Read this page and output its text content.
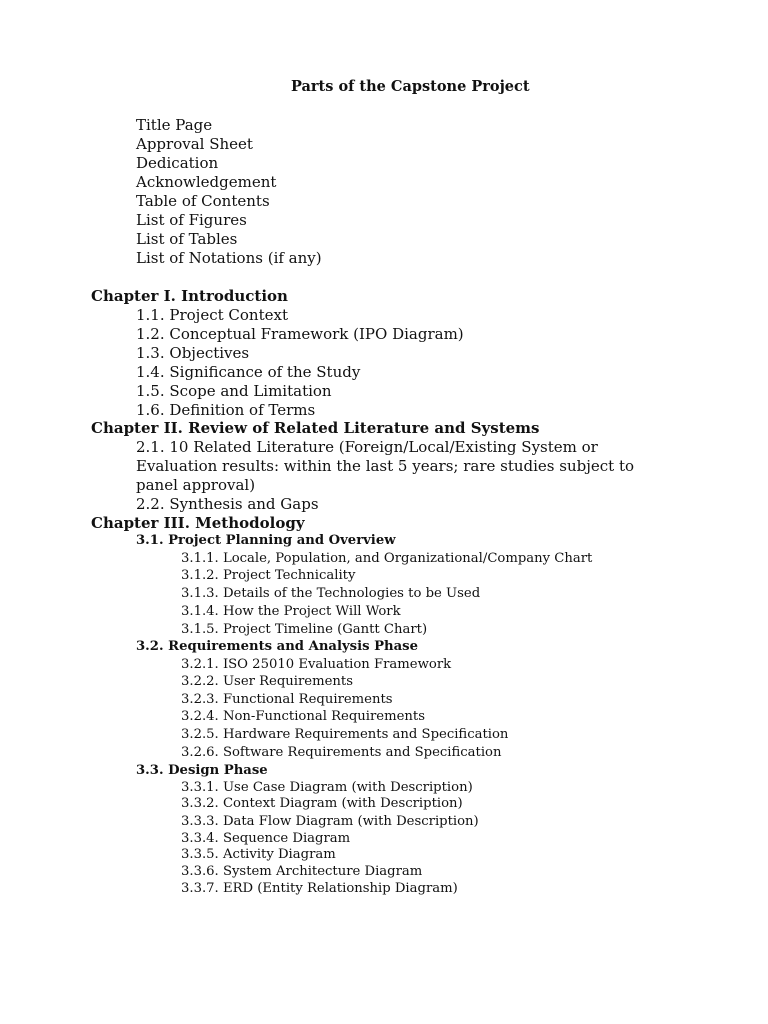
Parts of the Capstone Project
Title Page
Approval Sheet
Dedication
Acknowledgement
Table of Contents
List of Figures
List of Tables
List of Notations (if any)
Chapter I. Introduction
1.1. Project Context
1.2. Conceptual Framework (IPO Diagram)
1.3. Objectives
1.4. Significance of the Study
1.5. Scope and Limitation
1.6. Definition of Terms
Chapter II. Review of Related Literature and Systems
2.1. 10 Related Literature (Foreign/Local/Existing System or
Evaluation results: within the last 5 years; rare studies subject to
panel approval)
2.2. Synthesis and Gaps
Chapter III. Methodology
3.1. Project Planning and Overview
3.1.1. Locale, Population, and Organizational/Company Chart
3.1.2. Project Technicality
3.1.3. Details of the Technologies to be Used
3.1.4. How the Project Will Work
3.1.5. Project Timeline (Gantt Chart)
3.2. Requirements and Analysis Phase
3.2.1. ISO 25010 Evaluation Framework
3.2.2. User Requirements
3.2.3. Functional Requirements
3.2.4. Non-Functional Requirements
3.2.5. Hardware Requirements and Specification
3.2.6. Software Requirements and Specification
3.3. Design Phase
3.3.1. Use Case Diagram (with Description)
3.3.2. Context Diagram (with Description)
3.3.3. Data Flow Diagram (with Description)
3.3.4. Sequence Diagram
3.3.5. Activity Diagram
3.3.6. System Architecture Diagram
3.3.7. ERD (Entity Relationship Diagram)
